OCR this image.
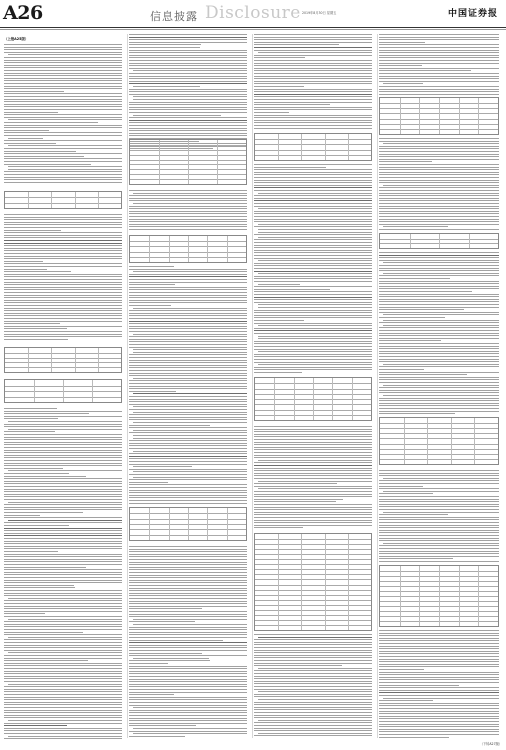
A26	信息披露 Disclosure 2019年8月30日 星期五	中国证券报
（上接A25版）
（下转A27版）
